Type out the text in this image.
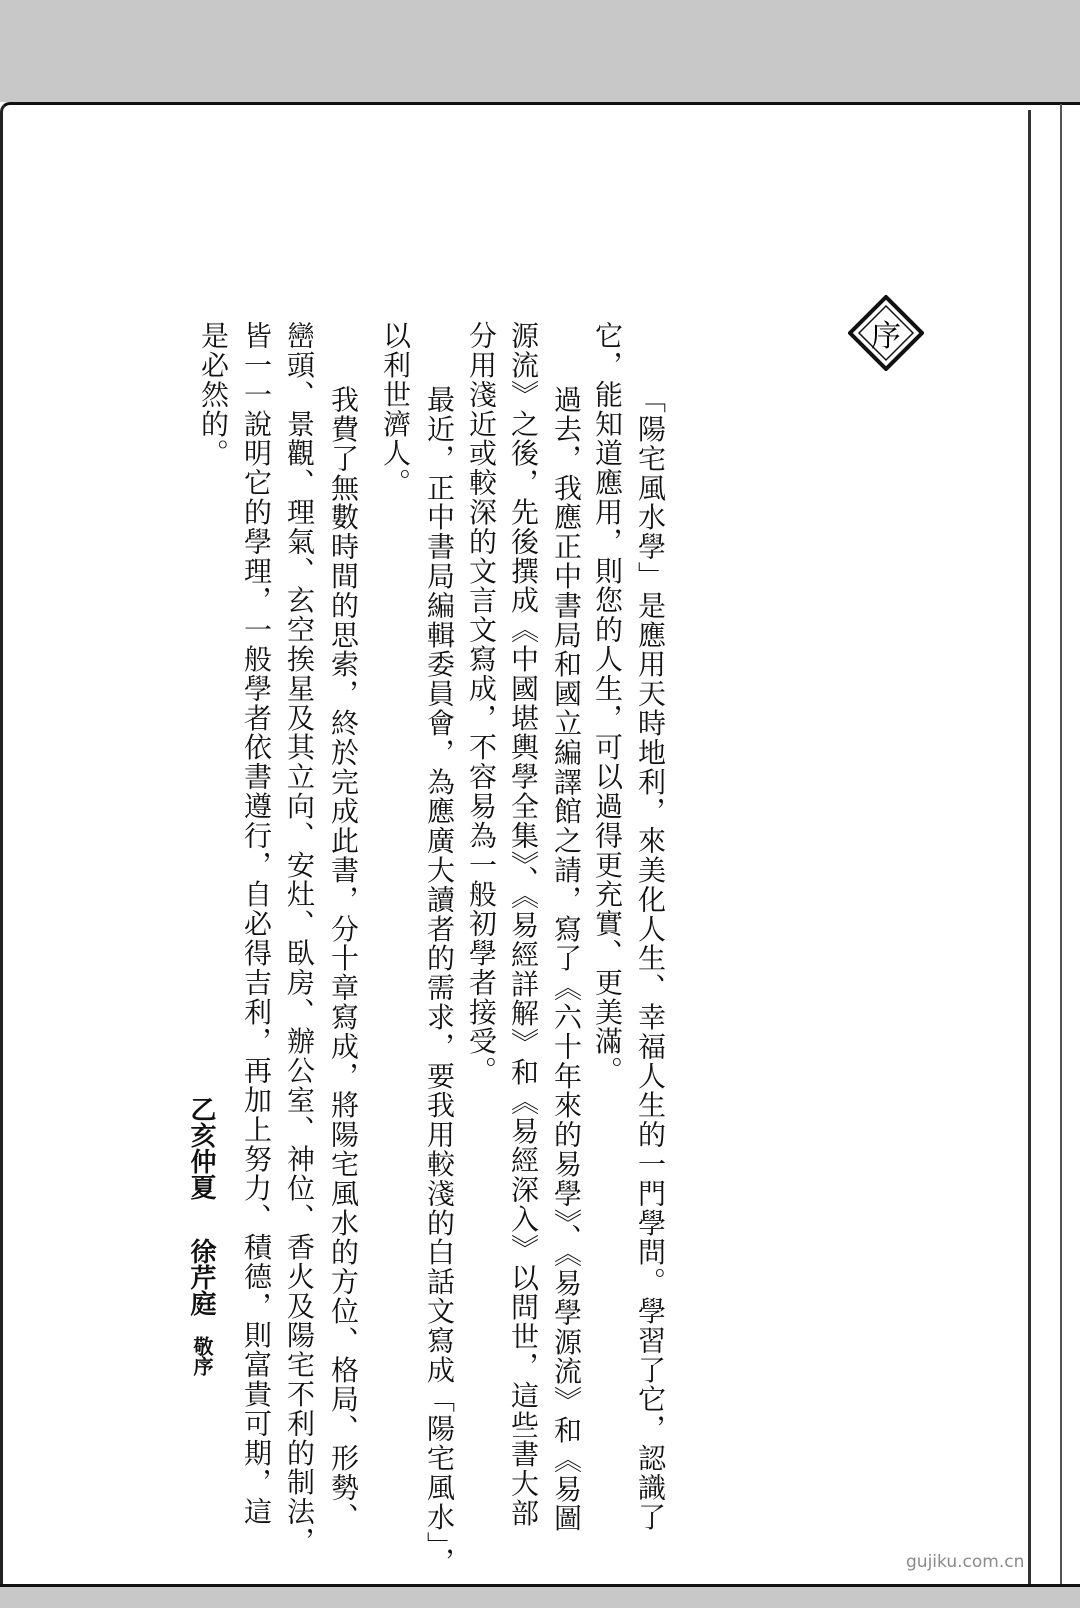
序
「陽宅風水學」是應用天時地利，來美化人生、幸福人生的一門學問。學習了它，認識了
它，能知道應用，則您的人生，可以過得更充實、更美滿。
過去，我應正中書局和國立編譯館之請，寫了《六十年來的易學》、《易學源流》和《易圖
源流》之後，先後撰成《中國堪輿學全集》、《易經詳解》和《易經深入》以問世，這些書大部
分用淺近或較深的文言文寫成，不容易為一般初學者接受。
最近，正中書局編輯委員會，為應廣大讀者的需求，要我用較淺的白話文寫成「陽宅風水」，
以利世濟人。
我費了無數時間的思索，終於完成此書，分十章寫成，將陽宅風水的方位、格局、形勢、
巒頭、景觀、理氣、玄空挨星及其立向、安灶、臥房、辦公室、神位、香火及陽宅不利的制法，
皆一一說明它的學理，一般學者依書遵行，自必得吉利，再加上努力、積德，則富貴可期，這
是必然的。
乙亥仲夏
徐芹庭
敬序
gujiku.com.cn
